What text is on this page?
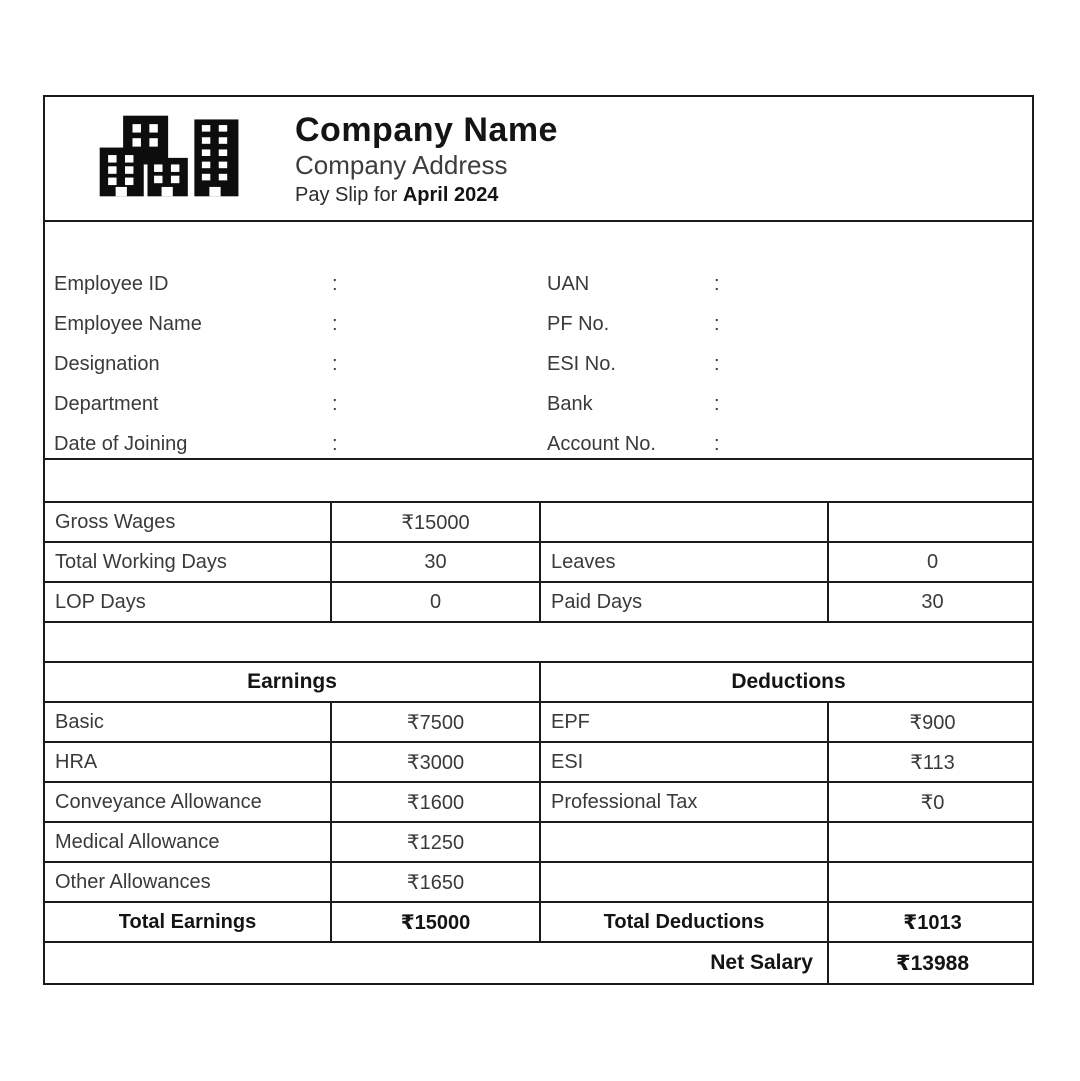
Company Name
Company Address
Pay Slip for April 2024
Employee ID	:	UAN	:
Employee Name	:	PF No.	:
Designation	:	ESI No.	:
Department	:	Bank	:
Date of Joining	:	Account No.	:
Gross Wages	₹15000
Total Working Days	30	Leaves	0
LOP Days	0	Paid Days	30
Earnings	Deductions
Basic	₹7500	EPF	₹900
HRA	₹3000	ESI	₹113
Conveyance Allowance	₹1600	Professional Tax	₹0
Medical Allowance	₹1250
Other Allowances	₹1650
Total Earnings	₹15000	Total Deductions	₹1013
Net Salary	₹13988
